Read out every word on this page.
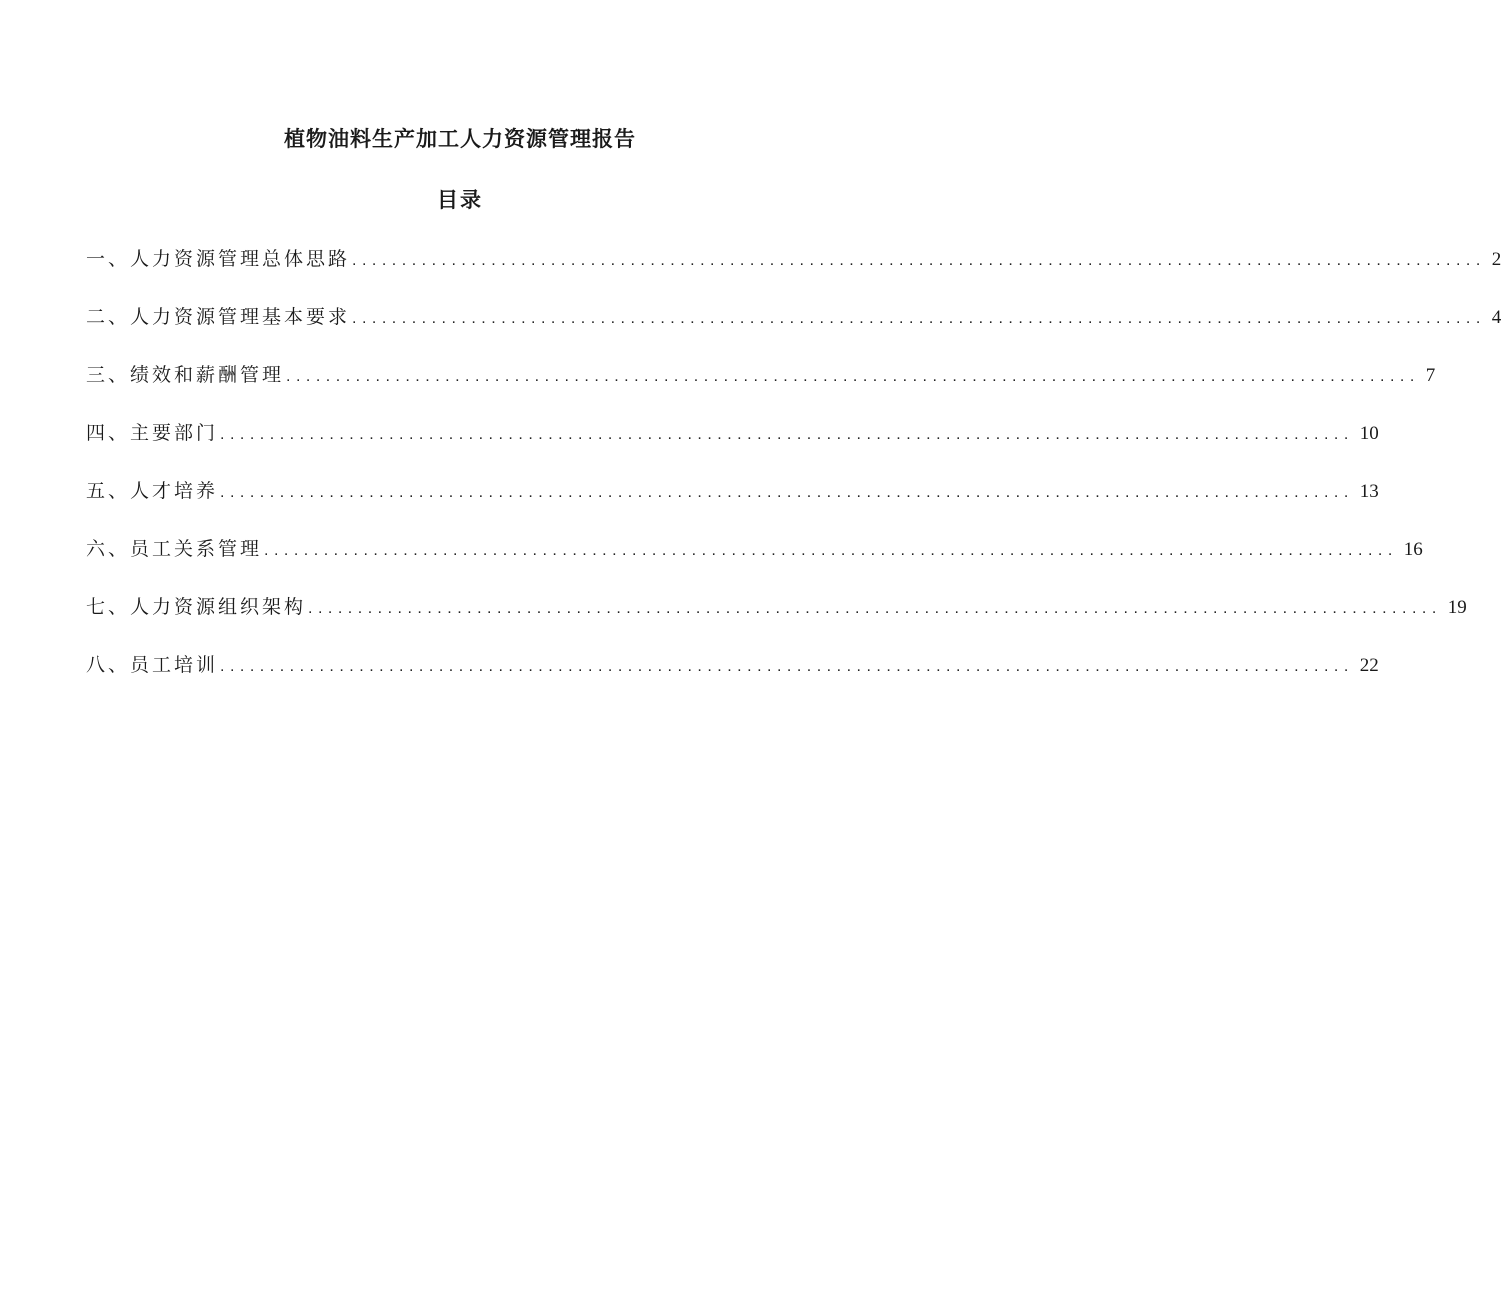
植物油料生产加工人力资源管理报告
目录
一、人力资源管理总体思路 .................................................................................................................. 2
二、人力资源管理基本要求 .................................................................................................................. 4
三、绩效和薪酬管理 .................................................................................................................. 7
四、主要部门 .................................................................................................................. 10
五、人才培养 .................................................................................................................. 13
六、员工关系管理 .................................................................................................................. 16
七、人力资源组织架构 .................................................................................................................. 19
八、员工培训 .................................................................................................................. 22
